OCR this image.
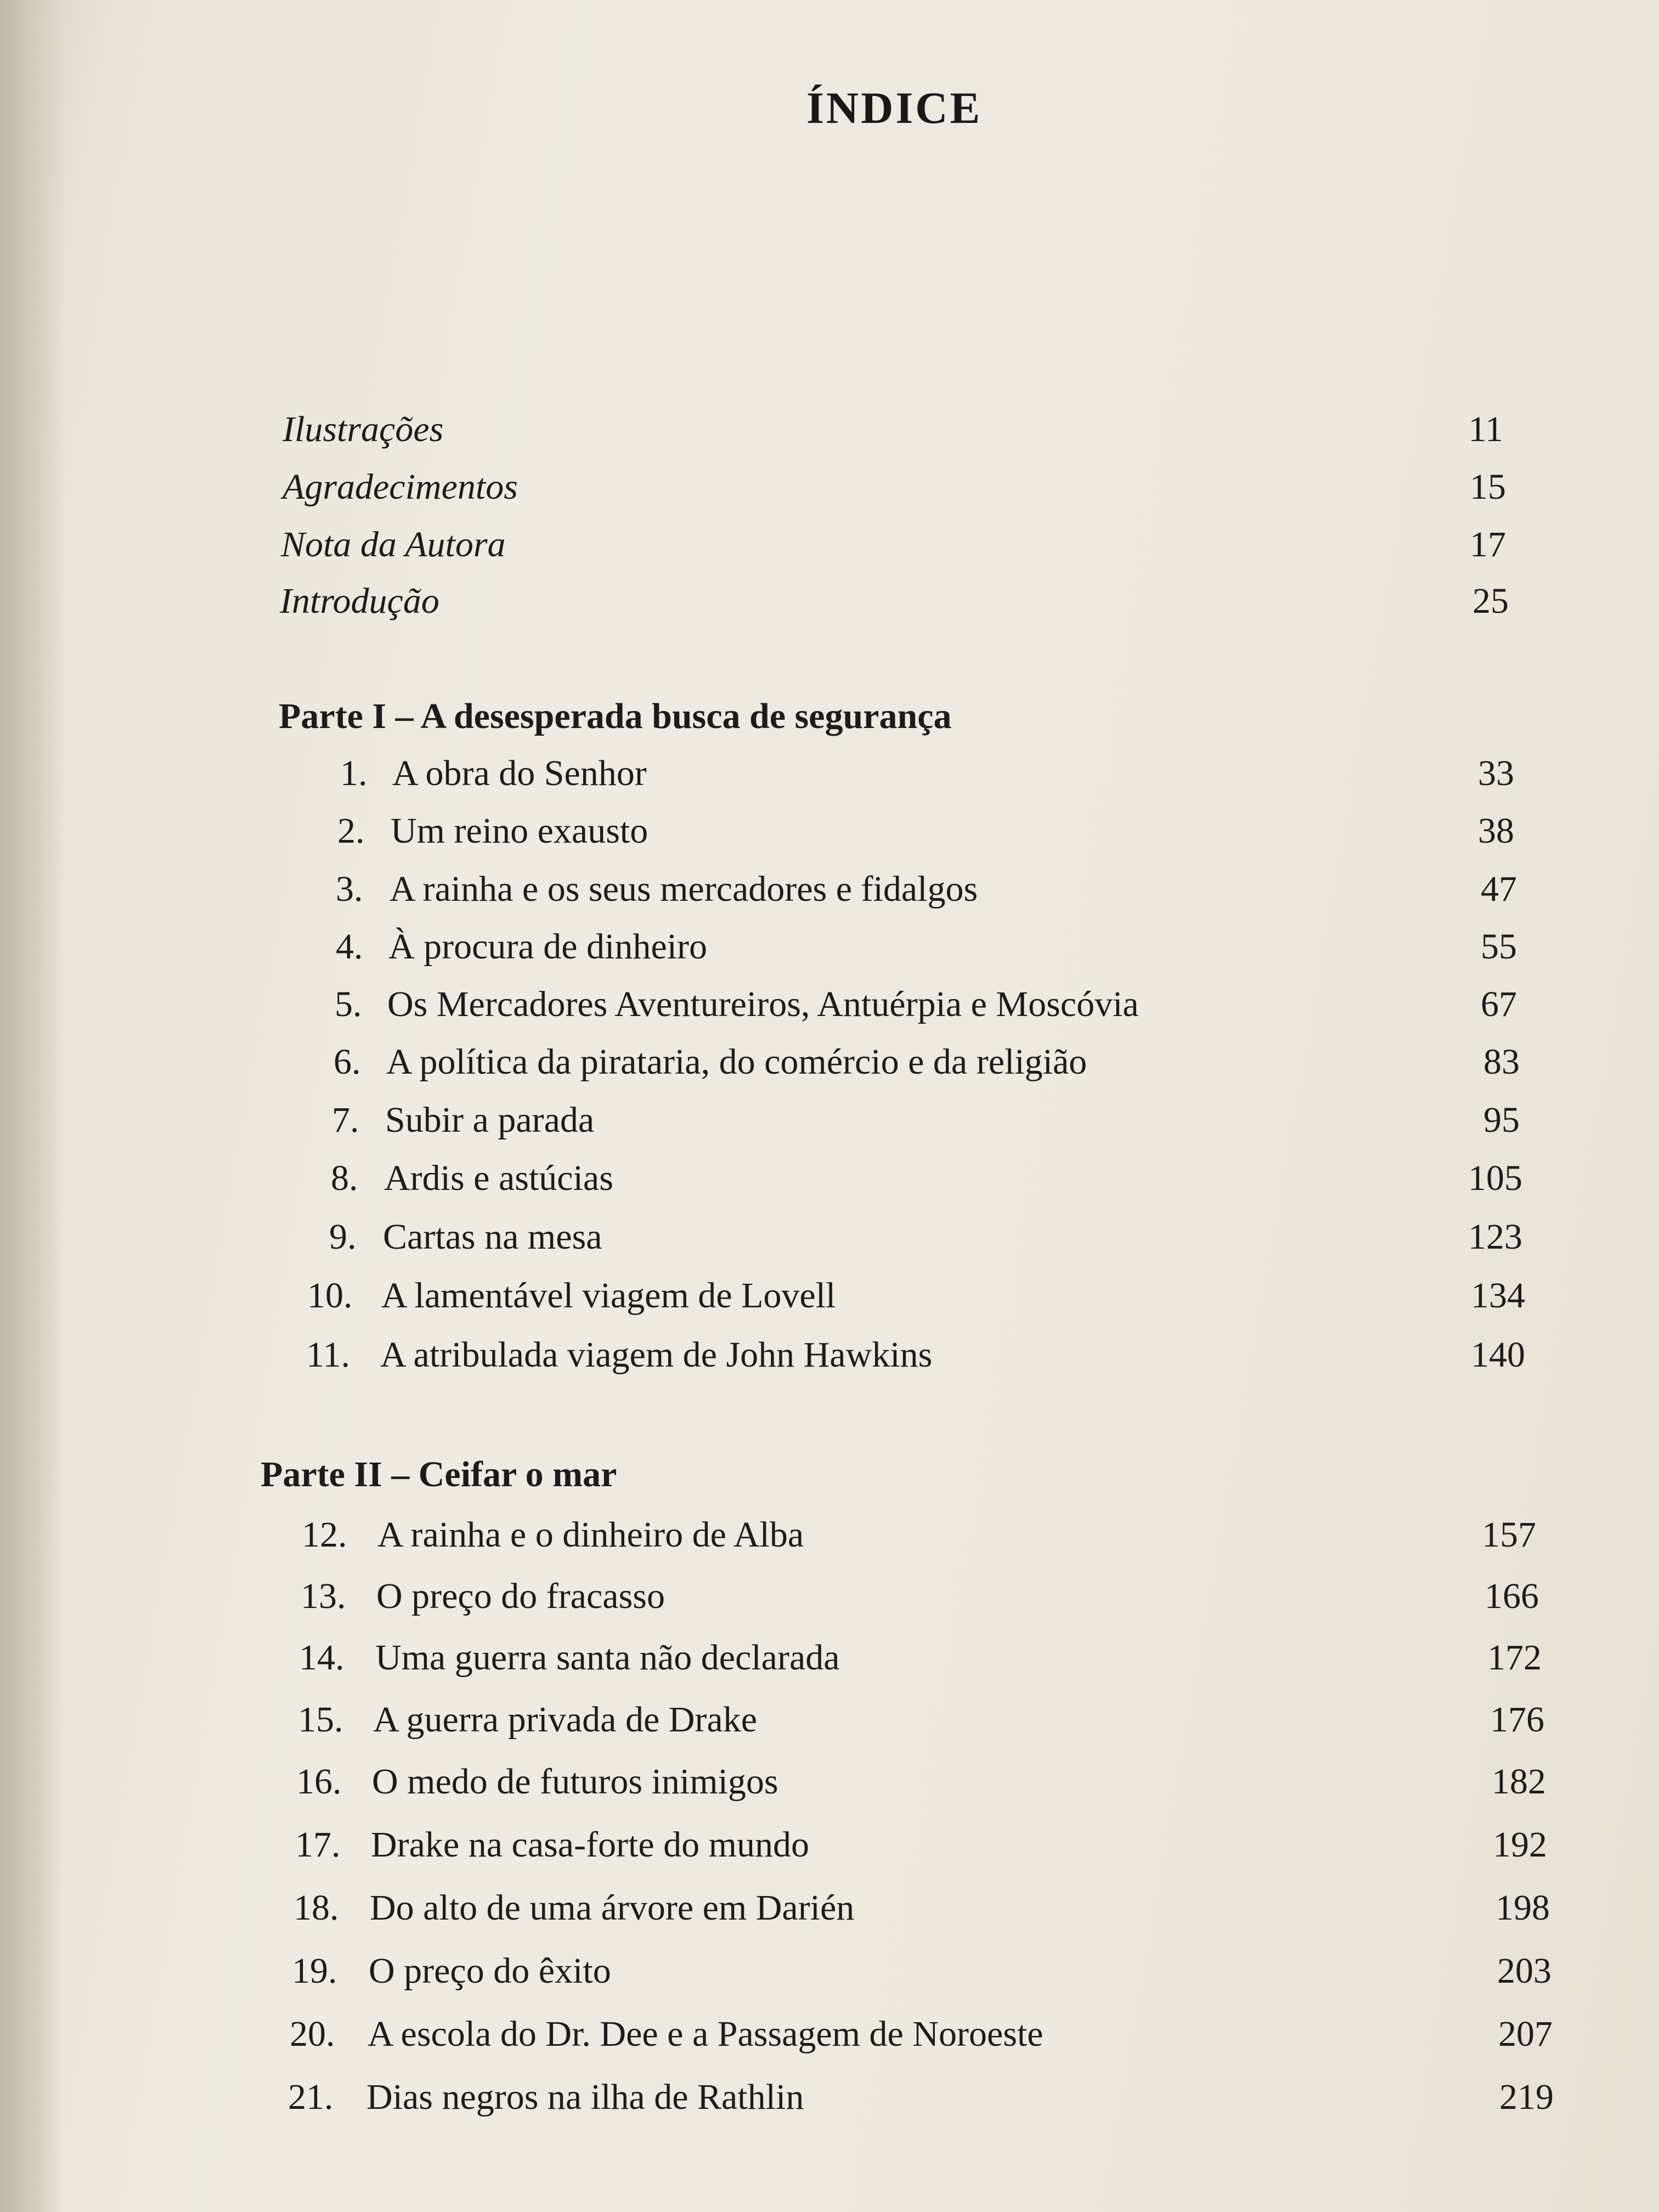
ÍNDICE
Ilustrações	11
Agradecimentos	15
Nota da Autora	17
Introdução	25
Parte I – A desesperada busca de segurança
1. A obra do Senhor	33
2. Um reino exausto	38
3. A rainha e os seus mercadores e fidalgos	47
4. À procura de dinheiro	55
5. Os Mercadores Aventureiros, Antuérpia e Moscóvia	67
6. A política da pirataria, do comércio e da religião	83
7. Subir a parada	95
8. Ardis e astúcias	105
9. Cartas na mesa	123
10. A lamentável viagem de Lovell	134
11. A atribulada viagem de John Hawkins	140
Parte II – Ceifar o mar
12. A rainha e o dinheiro de Alba	157
13. O preço do fracasso	166
14. Uma guerra santa não declarada	172
15. A guerra privada de Drake	176
16. O medo de futuros inimigos	182
17. Drake na casa-forte do mundo	192
18. Do alto de uma árvore em Darién	198
19. O preço do êxito	203
20. A escola do Dr. Dee e a Passagem de Noroeste	207
21. Dias negros na ilha de Rathlin	219
